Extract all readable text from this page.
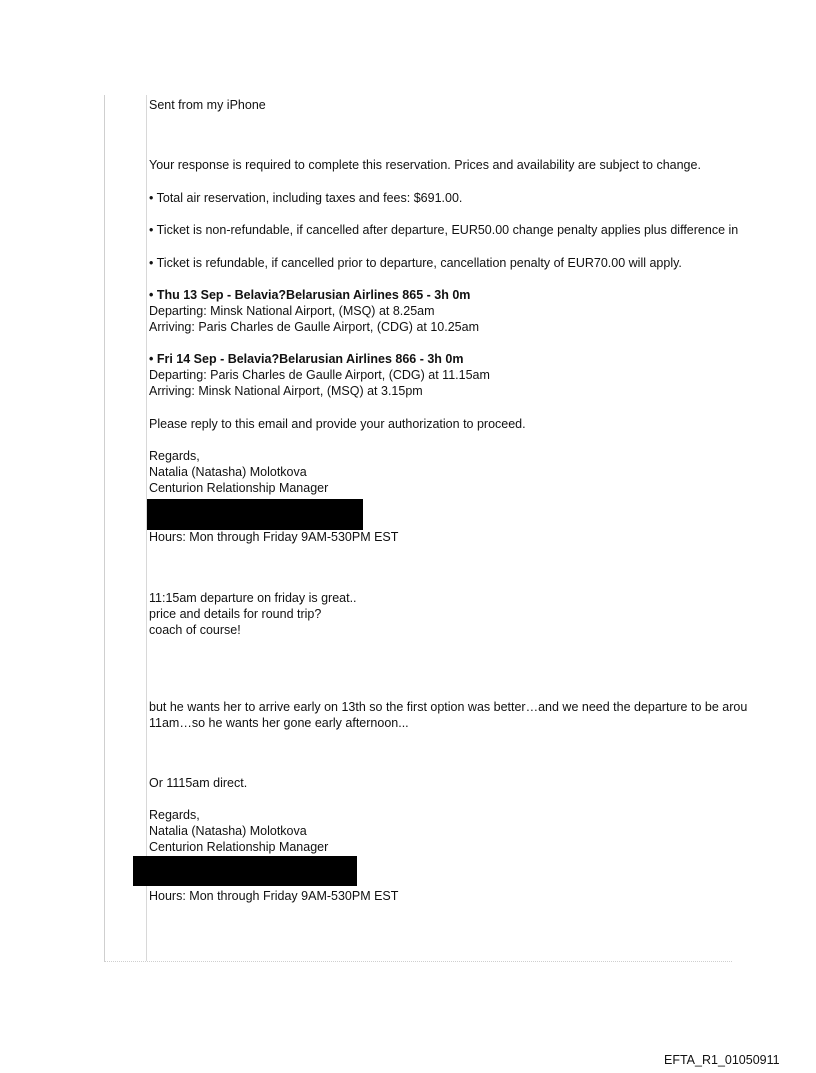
Sent from my iPhone
Your response is required to complete this reservation. Prices and availability are subject to change.
• Total air reservation, including taxes and fees: $691.00.
• Ticket is non-refundable, if cancelled after departure, EUR50.00 change penalty applies plus difference in
• Ticket is refundable, if cancelled prior to departure, cancellation penalty of EUR70.00 will apply.
• Thu 13 Sep - Belavia?Belarusian Airlines 865 - 3h 0m
Departing: Minsk National Airport, (MSQ) at 8.25am
Arriving: Paris Charles de Gaulle Airport, (CDG) at 10.25am
• Fri 14 Sep - Belavia?Belarusian Airlines 866 - 3h 0m
Departing: Paris Charles de Gaulle Airport, (CDG) at 11.15am
Arriving: Minsk National Airport, (MSQ) at 3.15pm
Please reply to this email and provide your authorization to proceed.
Regards,
Natalia (Natasha) Molotkova
Centurion Relationship Manager
Hours: Mon through Friday 9AM-530PM EST
11:15am departure on friday is great..
price and details for round trip?
coach of course!
but he wants her to arrive early on 13th so the first option was better…and we need the departure to be arou
11am…so he wants her gone early afternoon...
Or 1115am direct.
Regards,
Natalia (Natasha) Molotkova
Centurion Relationship Manager
Hours: Mon through Friday 9AM-530PM EST
EFTA_R1_01050911
